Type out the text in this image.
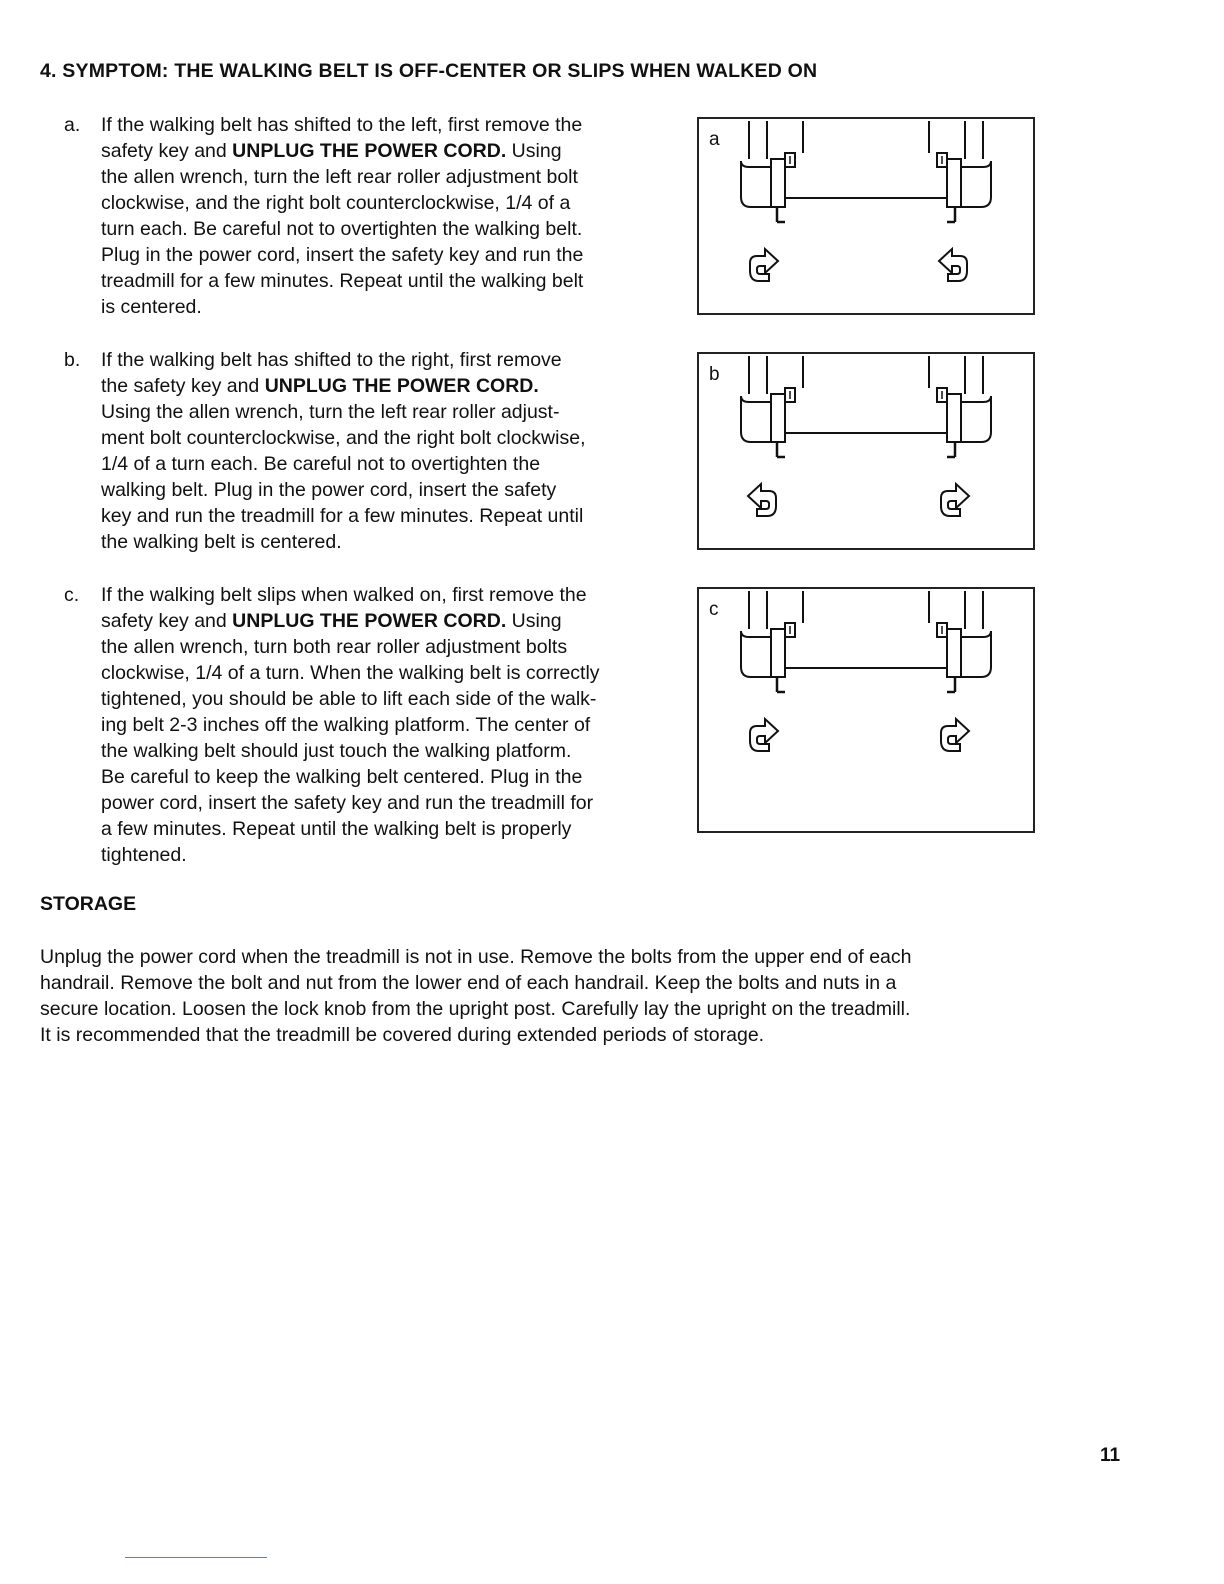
4. SYMPTOM: THE WALKING BELT IS OFF-CENTER OR SLIPS WHEN WALKED ON
a. If the walking belt has shifted to the left, first remove the

safety key and UNPLUG THE POWER CORD. Using

the allen wrench, turn the left rear roller adjustment bolt

clockwise, and the right bolt counterclockwise, 1/4 of a

turn each. Be careful not to overtighten the walking belt.

Plug in the power cord, insert the safety key and run the

treadmill for a few minutes. Repeat until the walking belt

is centered.

b. If the walking belt has shifted to the right, first remove

the safety key and UNPLUG THE POWER CORD.

Using the allen wrench, turn the left rear roller adjust-

ment bolt counterclockwise, and the right bolt clockwise,

1/4 of a turn each. Be careful not to overtighten the

walking belt. Plug in the power cord, insert the safety

key and run the treadmill for a few minutes. Repeat until

the walking belt is centered.

c. If the walking belt slips when walked on, first remove the

safety key and UNPLUG THE POWER CORD. Using

the allen wrench, turn both rear roller adjustment bolts

clockwise, 1/4 of a turn. When the walking belt is correctly

tightened, you should be able to lift each side of the walk-

ing belt 2-3 inches off the walking platform. The center of

the walking belt should just touch the walking platform.

Be careful to keep the walking belt centered. Plug in the

power cord, insert the safety key and run the treadmill for

a few minutes. Repeat until the walking belt is properly

tightened.

a
b
c
STORAGE

Unplug the power cord when the treadmill is not in use. Remove the bolts from the upper end of each

handrail. Remove the bolt and nut from the lower end of each handrail. Keep the bolts and nuts in a

secure location. Loosen the lock knob from the upright post. Carefully lay the upright on the treadmill.

It is recommended that the treadmill be covered during extended periods of storage.

11
